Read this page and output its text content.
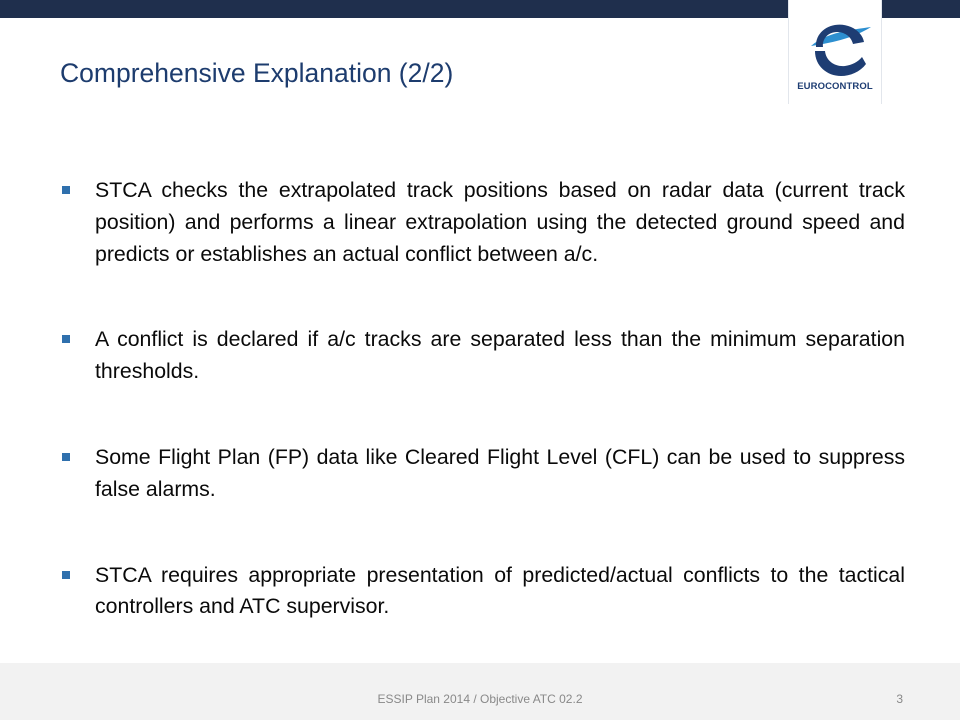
EUROCONTROL
Comprehensive Explanation (2/2)
STCA checks the extrapolated track positions based on radar data (current track position) and performs a linear extrapolation using the detected ground speed and predicts or establishes an actual conflict between a/c.
A conflict is declared if a/c tracks are separated less than the minimum separation thresholds.
Some Flight Plan (FP) data like Cleared Flight Level (CFL) can be used to suppress false alarms.
STCA requires appropriate presentation of predicted/actual conflicts to the tactical controllers and ATC supervisor.
ESSIP Plan 2014 / Objective ATC 02.2	3
